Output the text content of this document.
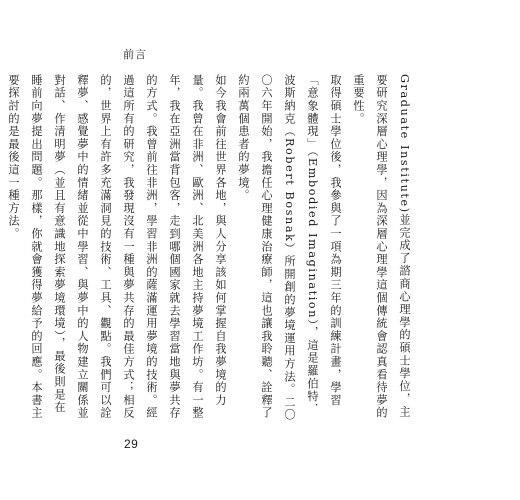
前言
Graduate Institute)並完成了諮商心理學的碩士學位，主要研究深層心理學，因為深層心理學這個傳統會認真看待夢的重要性。
取得碩士學位後，我參與了一項為期三年的訓練計畫，學習「意象體現」（Embodied Imagination），這是羅伯特．波斯納克（Robert Bosnak）所開創的夢境運用方法。二〇〇六年開始，我擔任心理健康治療師，這也讓我聆聽、詮釋了約兩萬個患者的夢境。
如今我會前往世界各地，與人分享該如何掌握自我夢境的力量。我曾在非洲、歐洲、北美洲各地主持夢境工作坊。有一整年，我在亞洲當背包客，走到哪個國家就去學習當地與夢共存的方式。我曾前往非洲，學習非洲的薩滿運用夢境的技術。經過這所有的研究，我發現沒有一種與夢共存的最佳方式；相反的，世界上有許多充滿洞見的技術、工具、觀點。我們可以詮釋夢、感覺夢中的情緒並從中學習、與夢中的人物建立關係並對話、作清明夢（並且有意識地探索夢境環境），最後則是在睡前向夢提出問題。那樣，你就會獲得夢給予的回應。本書主要探討的是最後這一種方法。
29
